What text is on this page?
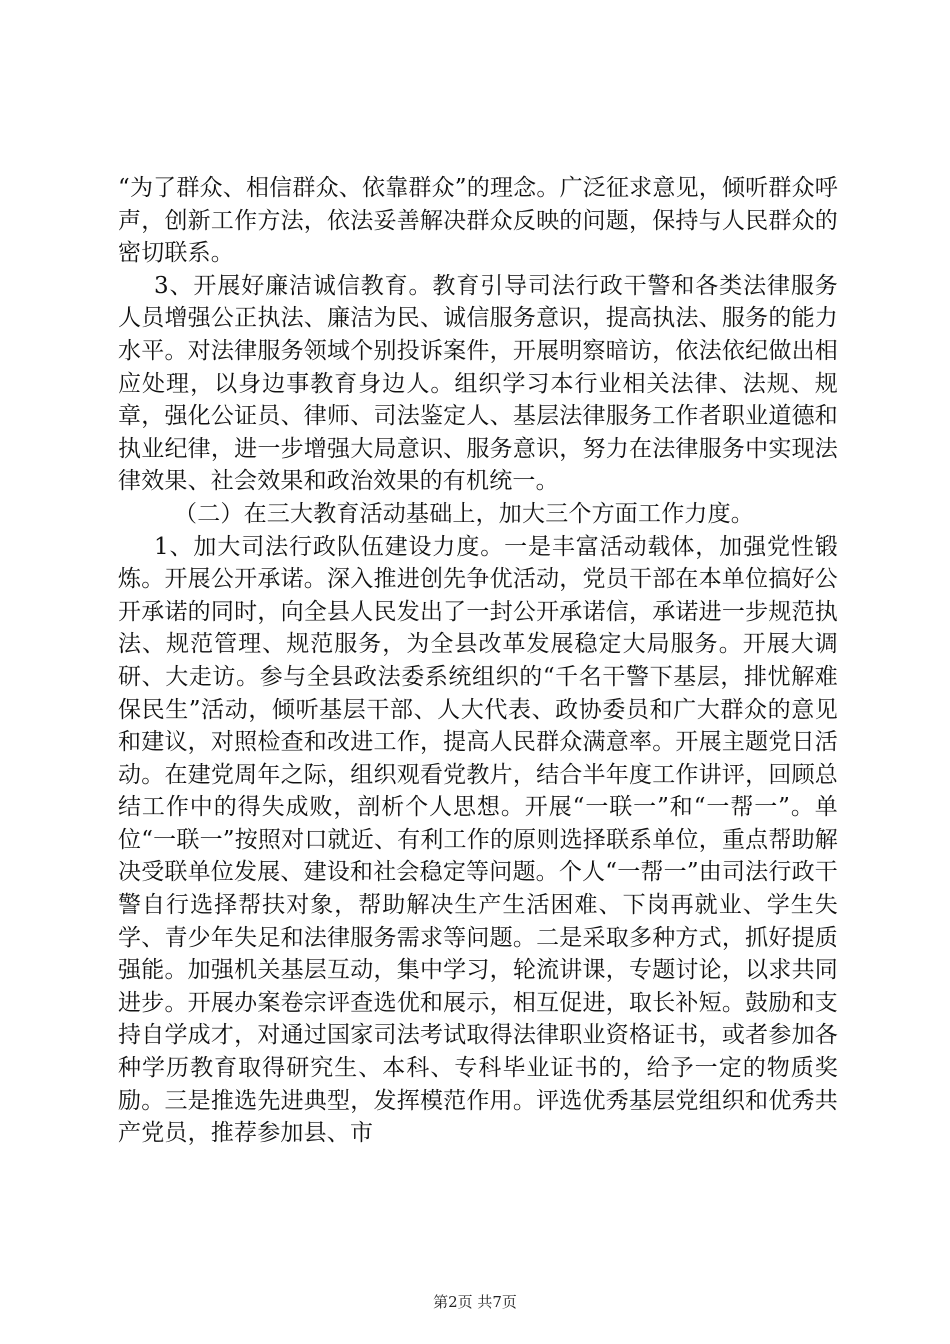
“为了群众、相信群众、依靠群众”的理念。广泛征求意见，倾听群众呼声，创新工作方法，依法妥善解决群众反映的问题，保持与人民群众的密切联系。

3、开展好廉洁诚信教育。教育引导司法行政干警和各类法律服务人员增强公正执法、廉洁为民、诚信服务意识，提高执法、服务的能力水平。对法律服务领域个别投诉案件，开展明察暗访，依法依纪做出相应处理，以身边事教育身边人。组织学习本行业相关法律、法规、规章，强化公证员、律师、司法鉴定人、基层法律服务工作者职业道德和执业纪律，进一步增强大局意识、服务意识，努力在法律服务中实现法律效果、社会效果和政治效果的有机统一。

（二）在三大教育活动基础上，加大三个方面工作力度。

1、加大司法行政队伍建设力度。一是丰富活动载体，加强党性锻炼。开展公开承诺。深入推进创先争优活动，党员干部在本单位搞好公开承诺的同时，向全县人民发出了一封公开承诺信，承诺进一步规范执法、规范管理、规范服务，为全县改革发展稳定大局服务。开展大调研、大走访。参与全县政法委系统组织的“千名干警下基层，排忧解难保民生”活动，倾听基层干部、人大代表、政协委员和广大群众的意见和建议，对照检查和改进工作，提高人民群众满意率。开展主题党日活动。在建党周年之际，组织观看党教片，结合半年度工作讲评，回顾总结工作中的得失成败，剖析个人思想。开展“一联一”和“一帮一”。单位“一联一”按照对口就近、有利工作的原则选择联系单位，重点帮助解决受联单位发展、建设和社会稳定等问题。个人“一帮一”由司法行政干警自行选择帮扶对象，帮助解决生产生活困难、下岗再就业、学生失学、青少年失足和法律服务需求等问题。二是采取多种方式，抓好提质强能。加强机关基层互动，集中学习，轮流讲课，专题讨论，以求共同进步。开展办案卷宗评查选优和展示，相互促进，取长补短。鼓励和支持自学成才，对通过国家司法考试取得法律职业资格证书，或者参加各种学历教育取得研究生、本科、专科毕业证书的，给予一定的物质奖励。三是推选先进典型，发挥模范作用。评选优秀基层党组织和优秀共产党员，推荐参加县、市

第2页 共7页
